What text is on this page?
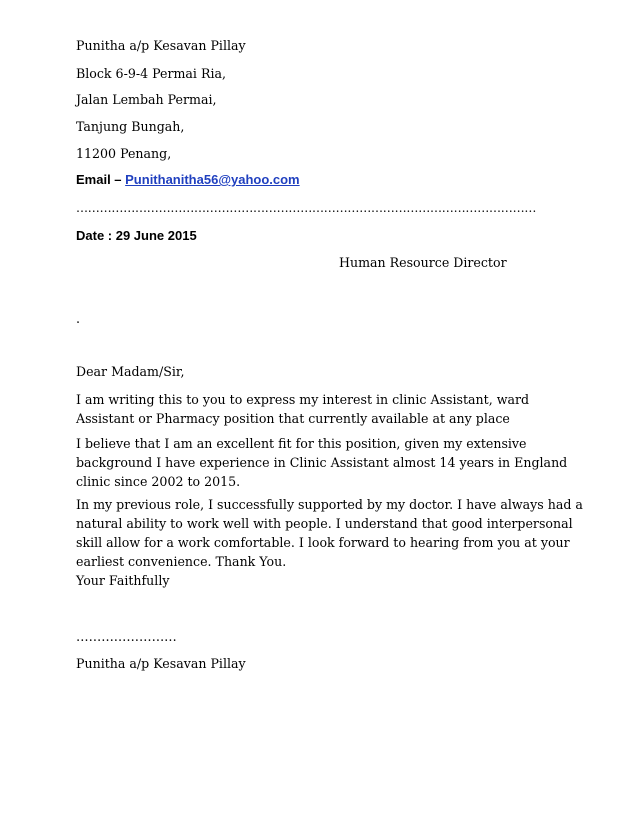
Punitha a/p Kesavan Pillay
Block 6-9-4 Permai Ria,
Jalan Lembah Permai,
Tanjung Bungah,
11200 Penang,
Email – Punithanitha56@yahoo.com
………………………………………………………………………………………………………
Date : 29 June 2015
Human Resource Director
.
Dear Madam/Sir,
I am writing this to you to express my interest in clinic Assistant, ward
Assistant or Pharmacy position that currently available at any place
I believe that I am an excellent fit for this position, given my extensive
background I have experience in Clinic Assistant almost 14 years in England
clinic since 2002 to 2015.
In my previous role, I successfully supported by my doctor. I have always had a
natural ability to work well with people. I understand that good interpersonal
skill allow for a work comfortable. I look forward to hearing from you at your
earliest convenience. Thank You.
Your Faithfully
……………………
Punitha a/p Kesavan Pillay
